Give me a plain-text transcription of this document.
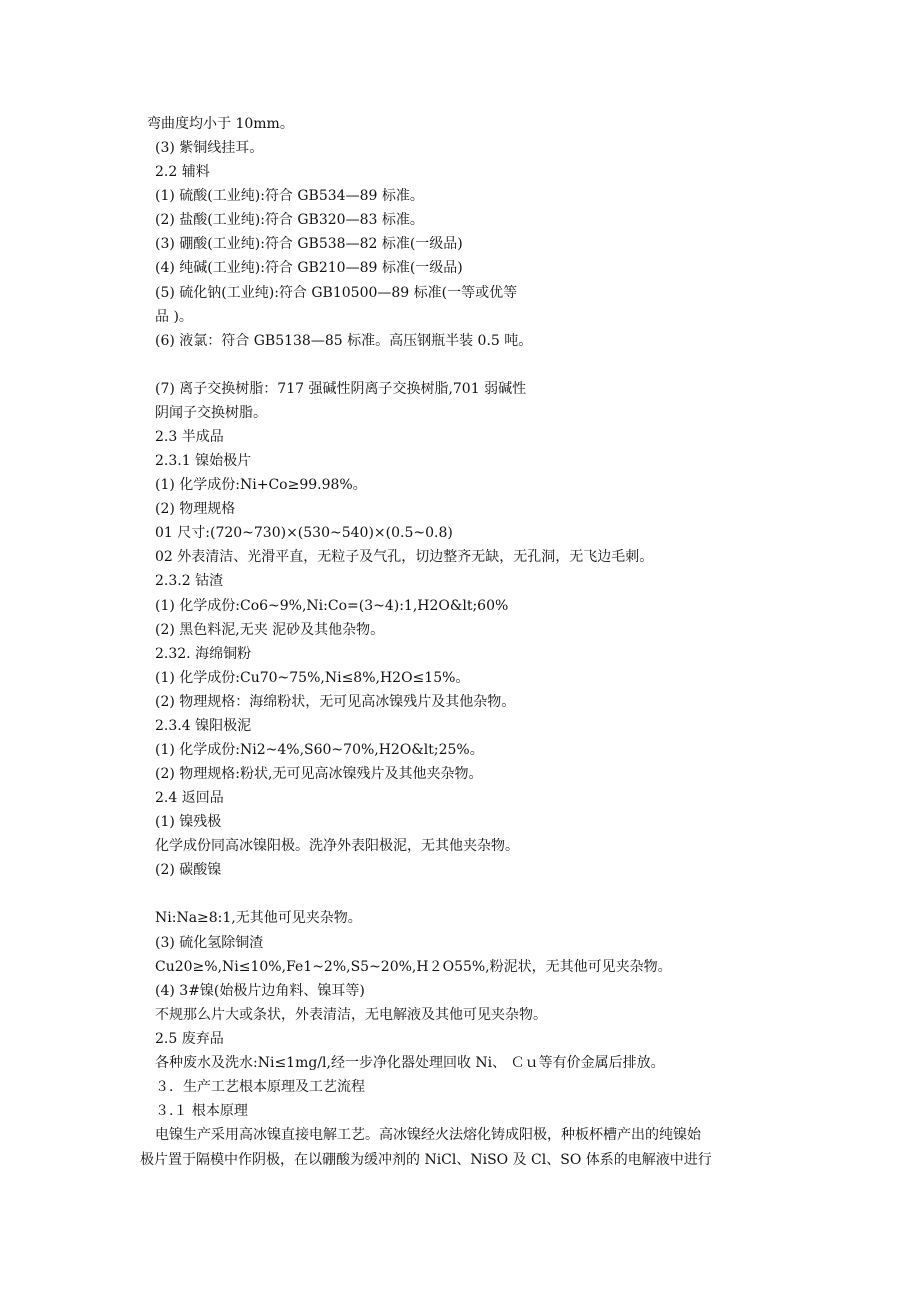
弯曲度均小于 10mm。
(3) 紫铜线挂耳。
2.2 辅料
(1) 硫酸(工业纯):符合 GB534—89 标准。
(2) 盐酸(工业纯):符合 GB320—83 标准。
(3) 硼酸(工业纯):符合 GB538—82 标准(一级品)
(4) 纯碱(工业纯):符合 GB210—89 标准(一级品)
(5) 硫化钠(工业纯):符合 GB10500—89 标准(一等或优等
品 )。
(6) 液氯：符合 GB5138—85 标准。高压钢瓶半装 0.5 吨。
(7) 离子交换树脂：717 强碱性阴离子交换树脂,701 弱碱性
阴闻子交换树脂。
2.3 半成品
2.3.1 镍始极片
(1) 化学成份:Ni+Co≥99.98%。
(2) 物理规格
01 尺寸:(720~730)×(530~540)×(0.5~0.8)
02 外表清洁、光滑平直，无粒子及气孔，切边整齐无缺，无孔洞，无飞边毛刺。
2.3.2 钴渣
(1) 化学成份:Co6~9%,Ni:Co=(3~4):1,H2O&lt;60%
(2) 黑色料泥,无夹 泥砂及其他杂物。
2.32. 海绵铜粉
(1) 化学成份:Cu70~75%,Ni≤8%,H2O≤15%。
(2) 物理规格：海绵粉状，无可见高冰镍残片及其他杂物。
2.3.4 镍阳极泥
(1) 化学成份:Ni2~4%,S60~70%,H2O&lt;25%。
(2) 物理规格:粉状,无可见高冰镍残片及其他夹杂物。
2.4 返回品
(1) 镍残极
化学成份同高冰镍阳极。洗净外表阳极泥，无其他夹杂物。
(2) 碳酸镍
Ni:Na≥8:1,无其他可见夹杂物。
(3) 硫化氢除铜渣
Cu20≥%,Ni≤10%,Fe1~2%,S5~20%,H２O55%,粉泥状，无其他可见夹杂物。
(4) 3#镍(始极片边角料、镍耳等)
不规那么片大或条状，外表清洁，无电解液及其他可见夹杂物。
2.5 废弃品
各种废水及洗水:Ni≤1mg/l,经一步净化器处理回收 Ni、 Ｃｕ等有价金属后排放。
３．生产工艺根本原理及工艺流程
３.１ 根本原理
电镍生产采用高冰镍直接电解工艺。高冰镍经火法熔化铸成阳极，种板杯槽产出的纯镍始
极片置于隔模中作阴极，在以硼酸为缓冲剂的 NiCl、NiSO 及 Cl、SO 体系的电解液中进行
